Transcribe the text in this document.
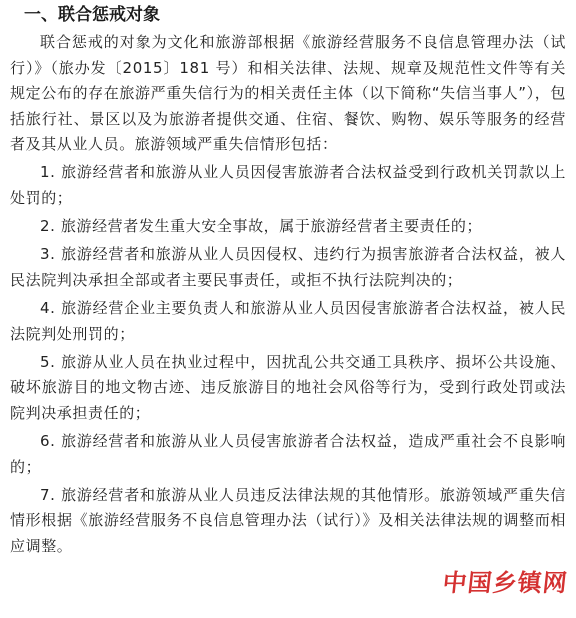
一、联合惩戒对象

联合惩戒的对象为文化和旅游部根据《旅游经营服务不良信息管理办法（试行）》（旅办发〔2015〕181 号）和相关法律、法规、规章及规范性文件等有关规定公布的存在旅游严重失信行为的相关责任主体（以下简称“失信当事人”），包括旅行社、景区以及为旅游者提供交通、住宿、餐饮、购物、娱乐等服务的经营者及其从业人员。旅游领域严重失信情形包括：

1. 旅游经营者和旅游从业人员因侵害旅游者合法权益受到行政机关罚款以上处罚的；

2. 旅游经营者发生重大安全事故，属于旅游经营者主要责任的；

3. 旅游经营者和旅游从业人员因侵权、违约行为损害旅游者合法权益，被人民法院判决承担全部或者主要民事责任，或拒不执行法院判决的；

4. 旅游经营企业主要负责人和旅游从业人员因侵害旅游者合法权益，被人民法院判处刑罚的；

5. 旅游从业人员在执业过程中，因扰乱公共交通工具秩序、损坏公共设施、破坏旅游目的地文物古迹、违反旅游目的地社会风俗等行为，受到行政处罚或法院判决承担责任的；

6. 旅游经营者和旅游从业人员侵害旅游者合法权益，造成严重社会不良影响的；

7. 旅游经营者和旅游从业人员违反法律法规的其他情形。旅游领域严重失信情形根据《旅游经营服务不良信息管理办法（试行）》及相关法律法规的调整而相应调整。

中国乡镇网
